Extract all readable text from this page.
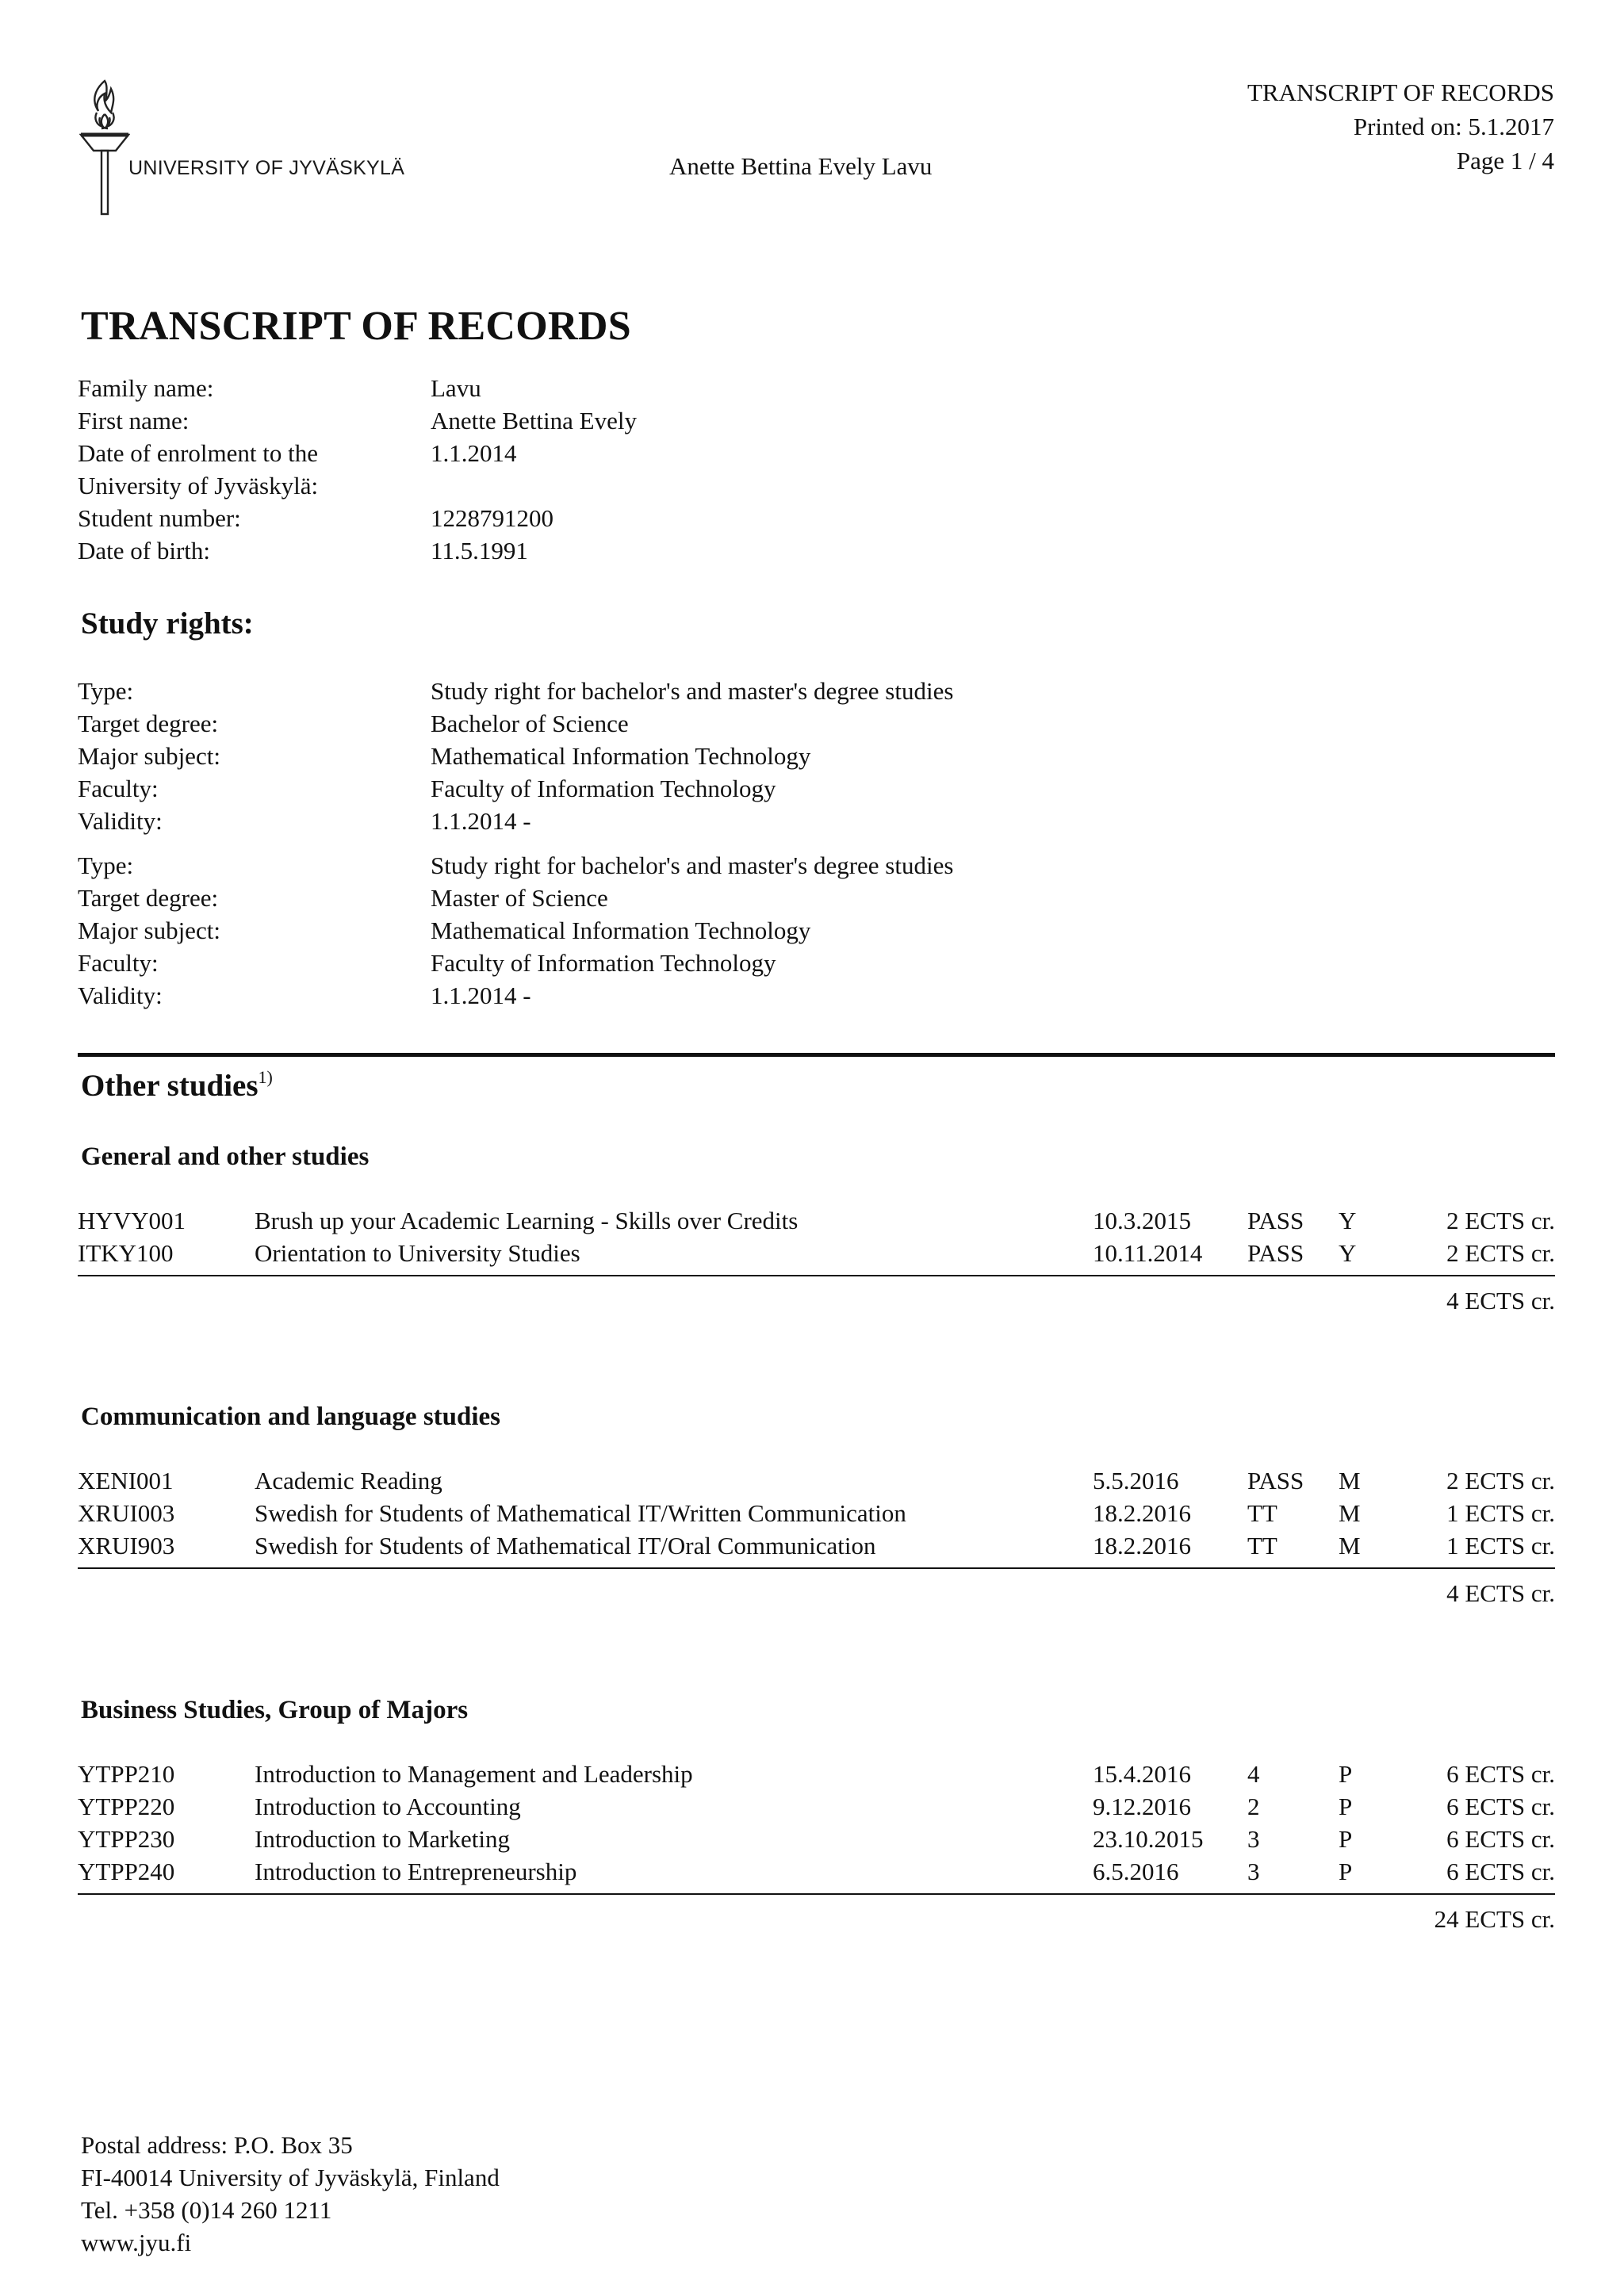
UNIVERSITY OF JYVÄSKYLÄ	Anette Bettina Evely Lavu
TRANSCRIPT OF RECORDS
Printed on: 5.1.2017
Page 1 / 4
TRANSCRIPT OF RECORDS
Family name:	Lavu
First name:	Anette Bettina Evely
Date of enrolment to the	1.1.2014
University of Jyväskylä:
Student number:	1228791200
Date of birth:	11.5.1991
Study rights:
Type:	Study right for bachelor's and master's degree studies
Target degree:	Bachelor of Science
Major subject:	Mathematical Information Technology
Faculty:	Faculty of Information Technology
Validity:	1.1.2014 -
Type:	Study right for bachelor's and master's degree studies
Target degree:	Master of Science
Major subject:	Mathematical Information Technology
Faculty:	Faculty of Information Technology
Validity:	1.1.2014 -
Other studies$^{1)}$
General and other studies
HYVY001	Brush up your Academic Learning - Skills over Credits	10.3.2015 PASS Y	2 ECTS cr.
ITKY100	Orientation to University Studies	10.11.2014 PASS Y	2 ECTS cr.
4 ECTS cr.
Communication and language studies
XENI001	Academic Reading	5.5.2016	PASS M	2 ECTS cr.
XRUI003	Swedish for Students of Mathematical IT/Written Communication	18.2.2016 TT M	1 ECTS cr.
XRUI903	Swedish for Students of Mathematical IT/Oral Communication	18.2.2016 TT M	1 ECTS cr.
4 ECTS cr.
Business Studies, Group of Majors
YTPP210	Introduction to Management and Leadership	15.4.2016 4	P	6 ECTS cr.
YTPP220	Introduction to Accounting	9.12.2016 2	P	6 ECTS cr.
YTPP230	Introduction to Marketing	23.10.2015 3	P	6 ECTS cr.
YTPP240	Introduction to Entrepreneurship	6.5.2016	3	P	6 ECTS cr.
24 ECTS cr.
Postal address: P.O. Box 35
FI-40014 University of Jyväskylä, Finland
Tel. +358 (0)14 260 1211
www.jyu.fi
